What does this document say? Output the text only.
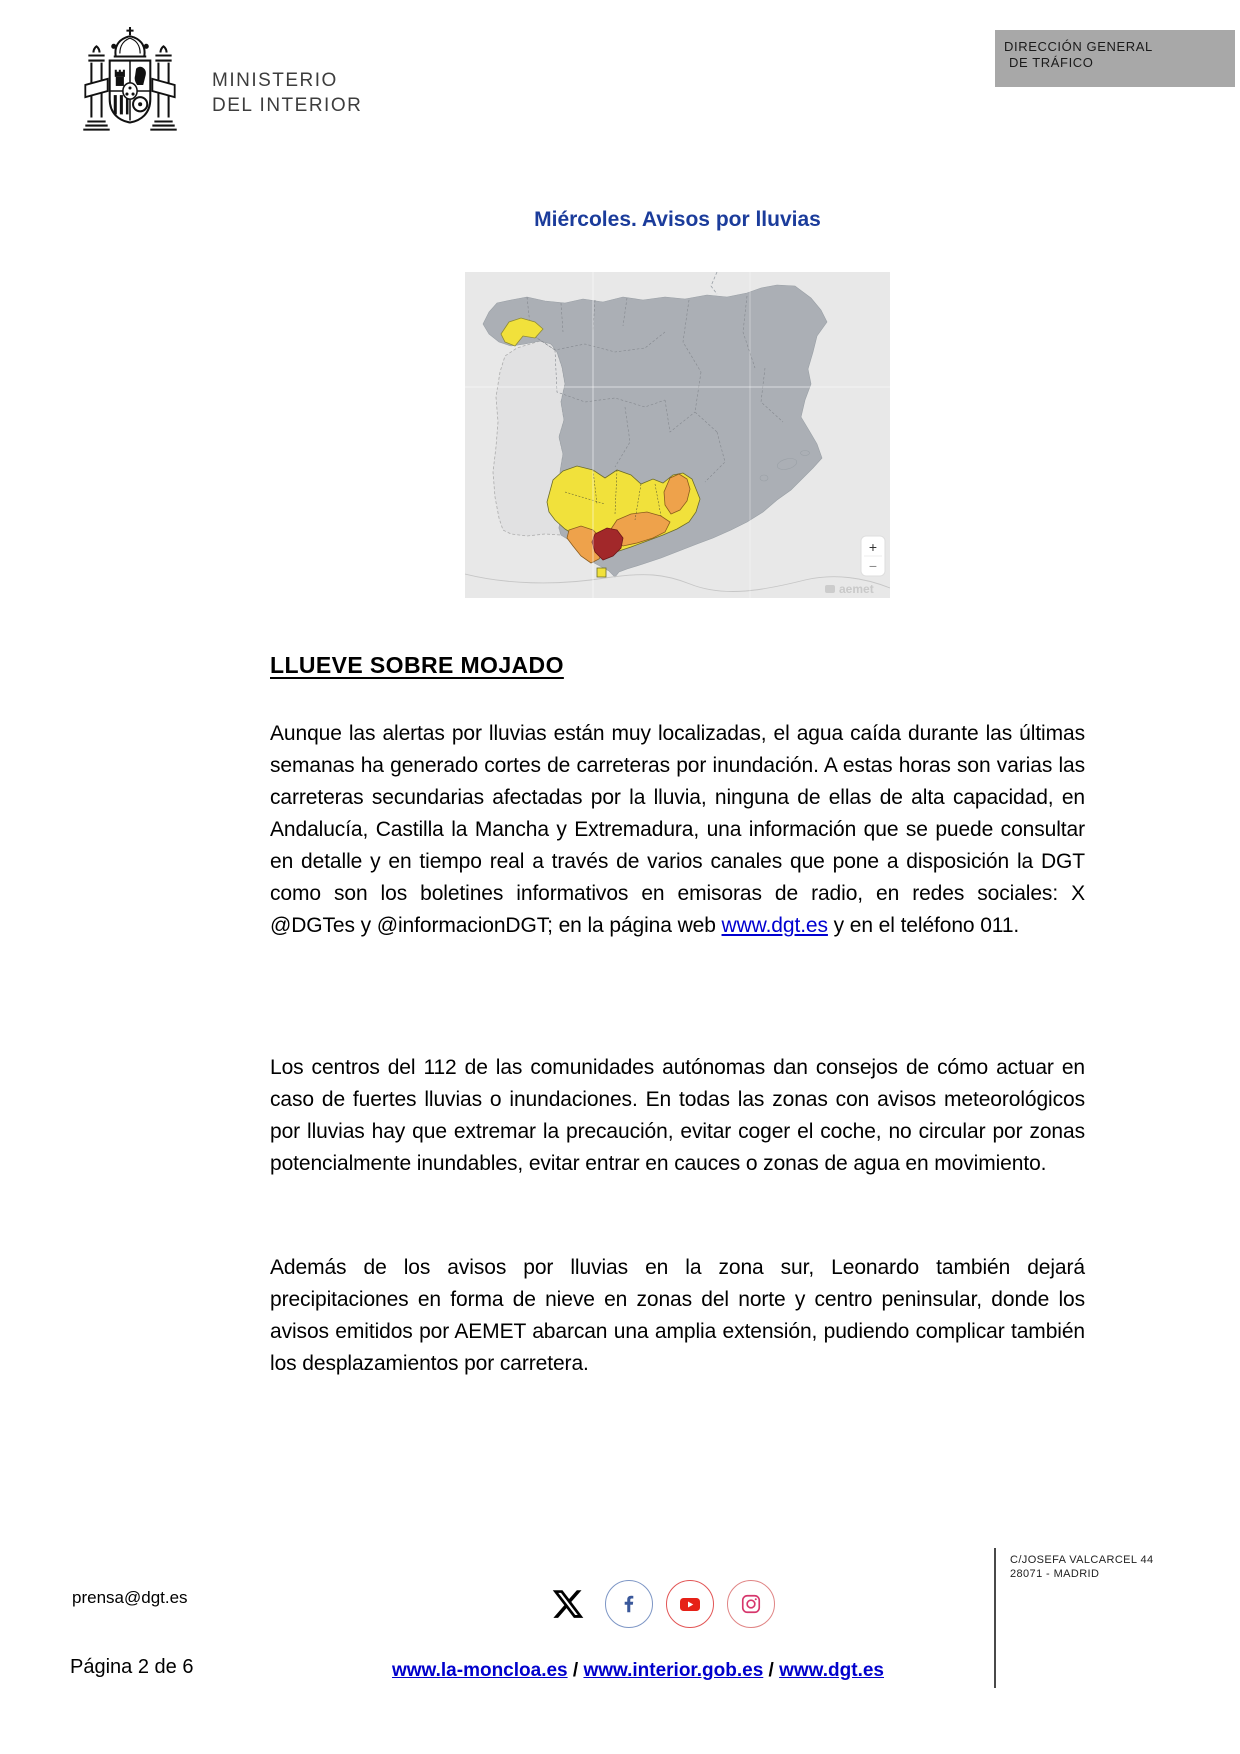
MINISTERIO
DEL INTERIOR
DIRECCIÓN GENERAL
DE TRÁFICO
Miércoles. Avisos por lluvias
+
−
aemet
LLUEVE SOBRE MOJADO

Aunque las alertas por lluvias están muy localizadas, el agua caída durante las últimas semanas ha generado cortes de carreteras por inundación. A estas horas son varias las carreteras secundarias afectadas por la lluvia, ninguna de ellas de alta capacidad, en Andalucía, Castilla la Mancha y Extremadura, una información que se puede consultar en detalle y en tiempo real a través de varios canales que pone a disposición la DGT como son los boletines informativos en emisoras de radio, en redes sociales: X @DGTes y @informacionDGT; en la página web www.dgt.es y en el teléfono 011.

Los centros del 112 de las comunidades autónomas dan consejos de cómo actuar en caso de fuertes lluvias o inundaciones. En todas las zonas con avisos meteorológicos por lluvias hay que extremar la precaución, evitar coger el coche, no circular por zonas potencialmente inundables, evitar entrar en cauces o zonas de agua en movimiento.

Además de los avisos por lluvias en la zona sur, Leonardo también dejará precipitaciones en forma de nieve en zonas del norte y centro peninsular, donde los avisos emitidos por AEMET abarcan una amplia extensión, pudiendo complicar también los desplazamientos por carretera.

prensa@dgt.es
C/JOSEFA VALCARCEL 44
28071 - MADRID
Página 2 de 6	www.la-moncloa.es / www.interior.gob.es / www.dgt.es
